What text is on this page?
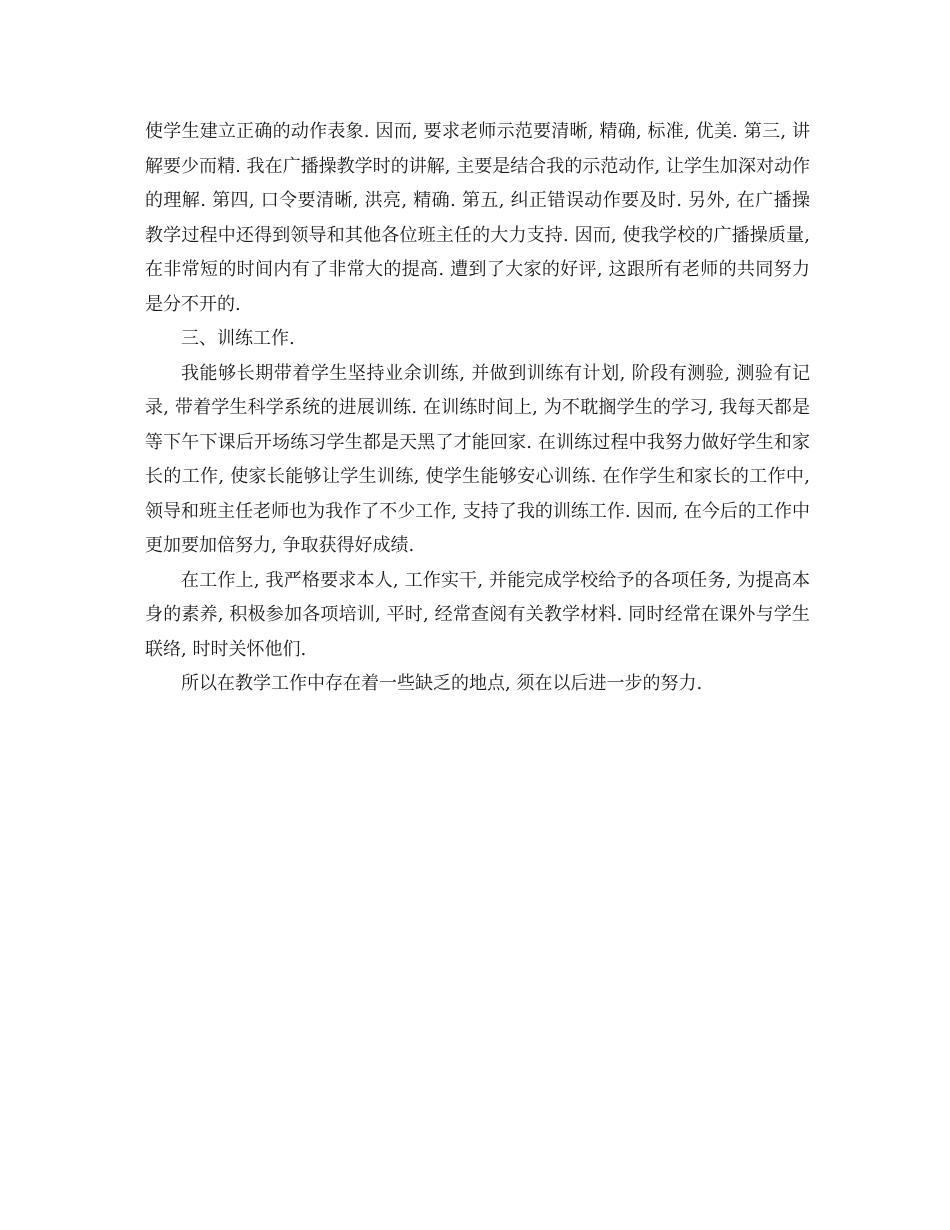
使学生建立正确的动作表象. 因而, 要求老师示范要清晰, 精确, 标准, 优美. 第三, 讲解要少而精. 我在广播操教学时的讲解, 主要是结合我的示范动作, 让学生加深对动作的理解. 第四, 口令要清晰, 洪亮, 精确. 第五, 纠正错误动作要及时. 另外, 在广播操教学过程中还得到领导和其他各位班主任的大力支持. 因而, 使我学校的广播操质量, 在非常短的时间内有了非常大的提高. 遭到了大家的好评, 这跟所有老师的共同努力是分不开的.

三、训练工作.

我能够长期带着学生坚持业余训练, 并做到训练有计划, 阶段有测验, 测验有记录, 带着学生科学系统的进展训练. 在训练时间上, 为不耽搁学生的学习, 我每天都是等下午下课后开场练习学生都是天黑了才能回家. 在训练过程中我努力做好学生和家长的工作, 使家长能够让学生训练, 使学生能够安心训练. 在作学生和家长的工作中, 领导和班主任老师也为我作了不少工作, 支持了我的训练工作. 因而, 在今后的工作中更加要加倍努力, 争取获得好成绩.

在工作上, 我严格要求本人, 工作实干, 并能完成学校给予的各项任务, 为提高本身的素养, 积极参加各项培训, 平时, 经常查阅有关教学材料. 同时经常在课外与学生联络, 时时关怀他们.

所以在教学工作中存在着一些缺乏的地点, 须在以后进一步的努力.
